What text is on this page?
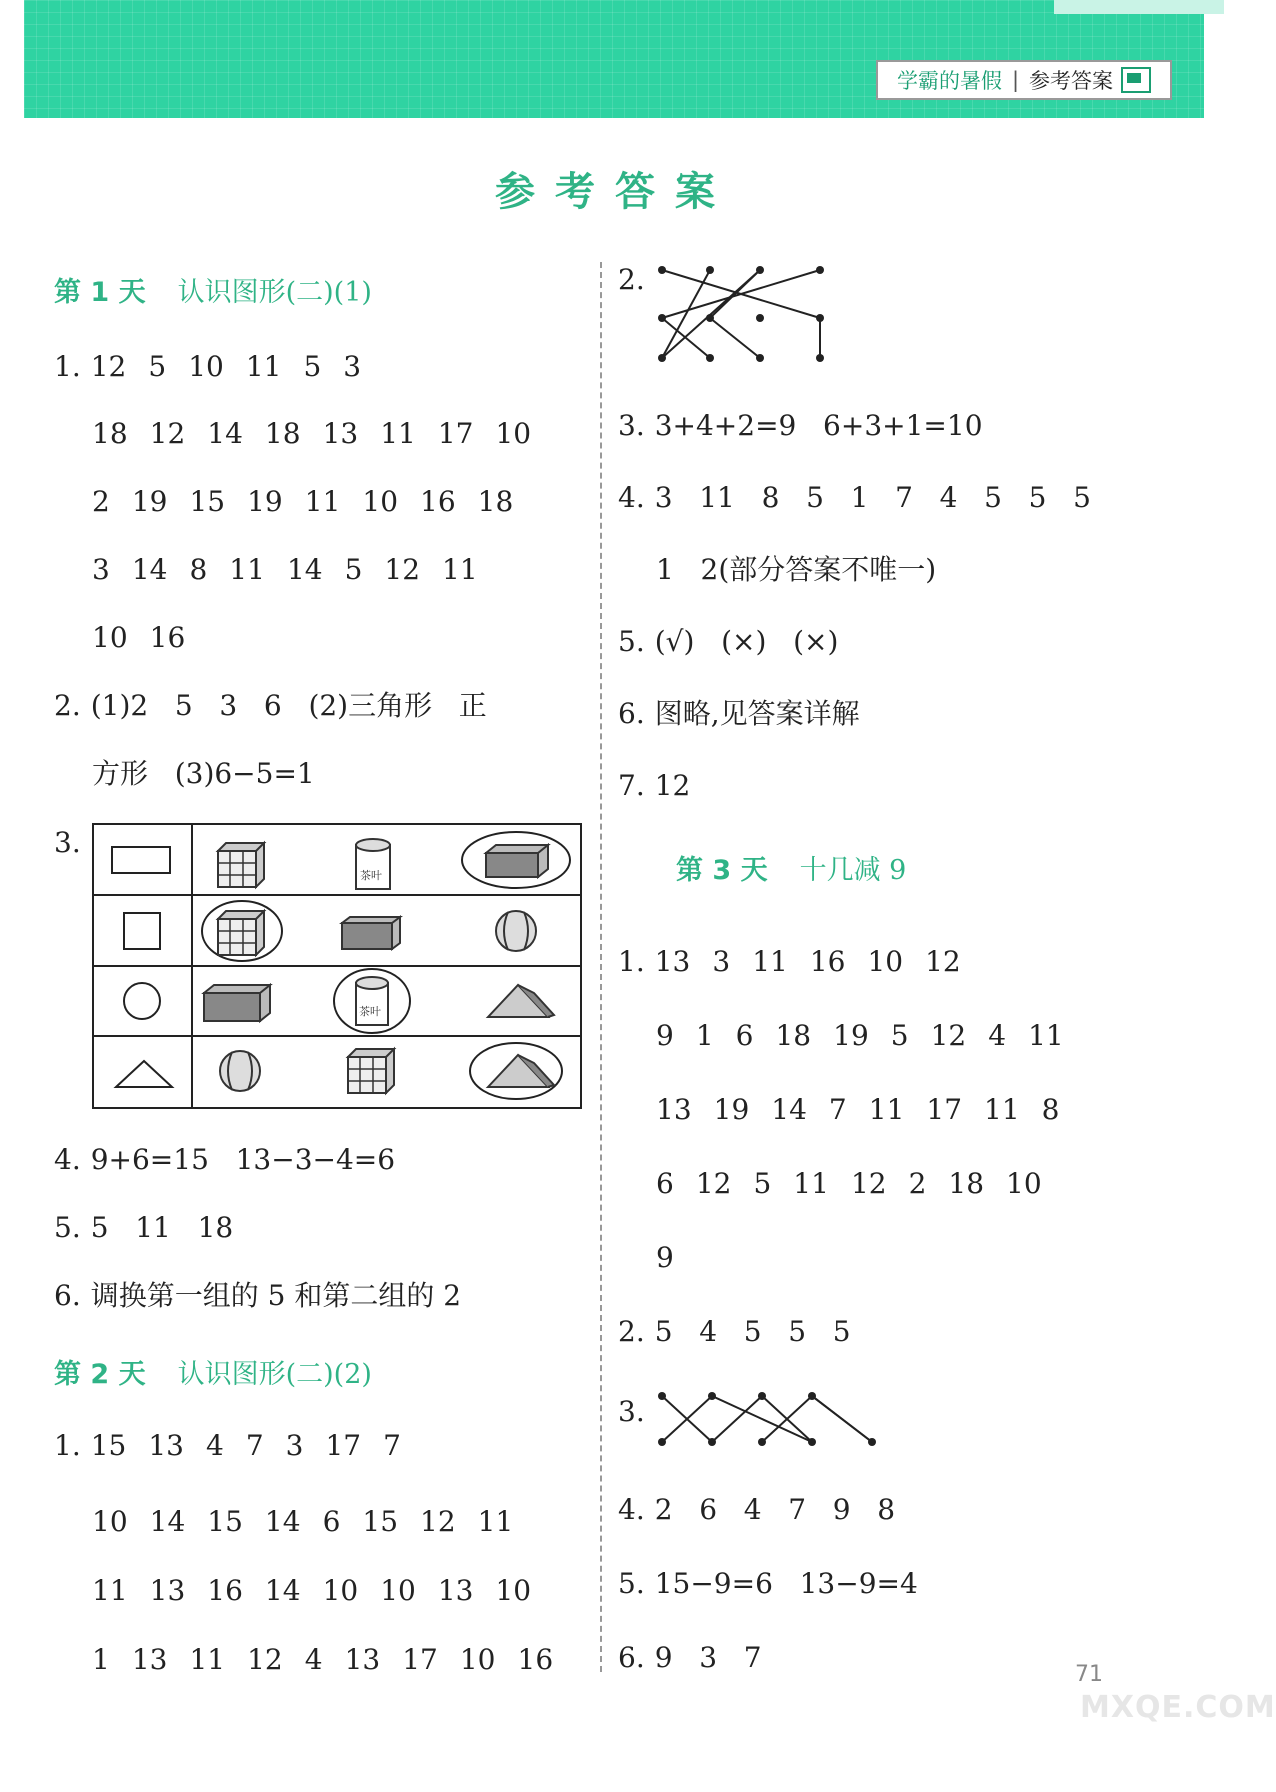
学霸的暑假 | 参考答案
参考答案
第 1 天 认识图形(二)(1)
1. 12 5 10 11 5 3
18 12 14 18 13 11 17 10
2 19 15 19 11 10 16 18
3 14 8 11 14 5 12 11
10 16
2. (1)2   5   3   6   (2)三角形   正
方形   (3)6−5=1
3.
茶叶
茶叶
4. 9+6=15   13−3−4=6
5. 5   11   18
6. 调换第一组的 5 和第二组的 2
第 2 天 认识图形(二)(2)
1. 15 13 4 7 3 17 7
10 14 15 14 6 15 12 11
11 13 16 14 10 10 13 10
1 13 11 12 4 13 17 10 16
2.
3. 3+4+2=9   6+3+1=10
4. 3   11   8   5   1   7   4   5   5   5
1   2(部分答案不唯一)
5. (√)   (×)   (×)
6. 图略,见答案详解
7. 12
第 3 天 十几减 9
1. 13 3 11 16 10 12
9 1 6 18 19 5 12 4 11
13 19 14 7 11 17 11 8
6 12 5 11 12 2 18 10
9
2. 5   4   5   5   5
3.
4. 2   6   4   7   9   8
5. 15−9=6   13−9=4
6. 9   3   7
71
MXQE.COM
